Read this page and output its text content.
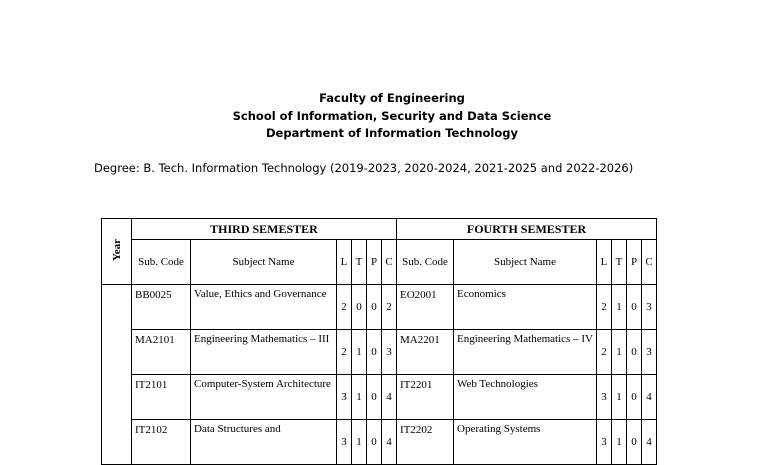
Faculty of Engineering
School of Information, Security and Data Science
Department of Information Technology
Degree: B. Tech. Information Technology (2019-2023, 2020-2024, 2021-2025 and 2022-2026)
Year	THIRD SEMESTER						FOURTH SEMESTER					
	Sub. Code	Subject Name	L	T	P	C	Sub. Code	Subject Name	L	T	P	C
	BB0025	Value, Ethics and Governance	2	0	0	2	EO2001	Economics	2	1	0	3
	MA2101	Engineering Mathematics – III	2	1	0	3	MA2201	Engineering Mathematics – IV	2	1	0	3
	IT2101	Computer-System Architecture	3	1	0	4	IT2201	Web Technologies	3	1	0	4
	IT2102	Data Structures and	3	1	0	4	IT2202	Operating Systems	3	1	0	4
